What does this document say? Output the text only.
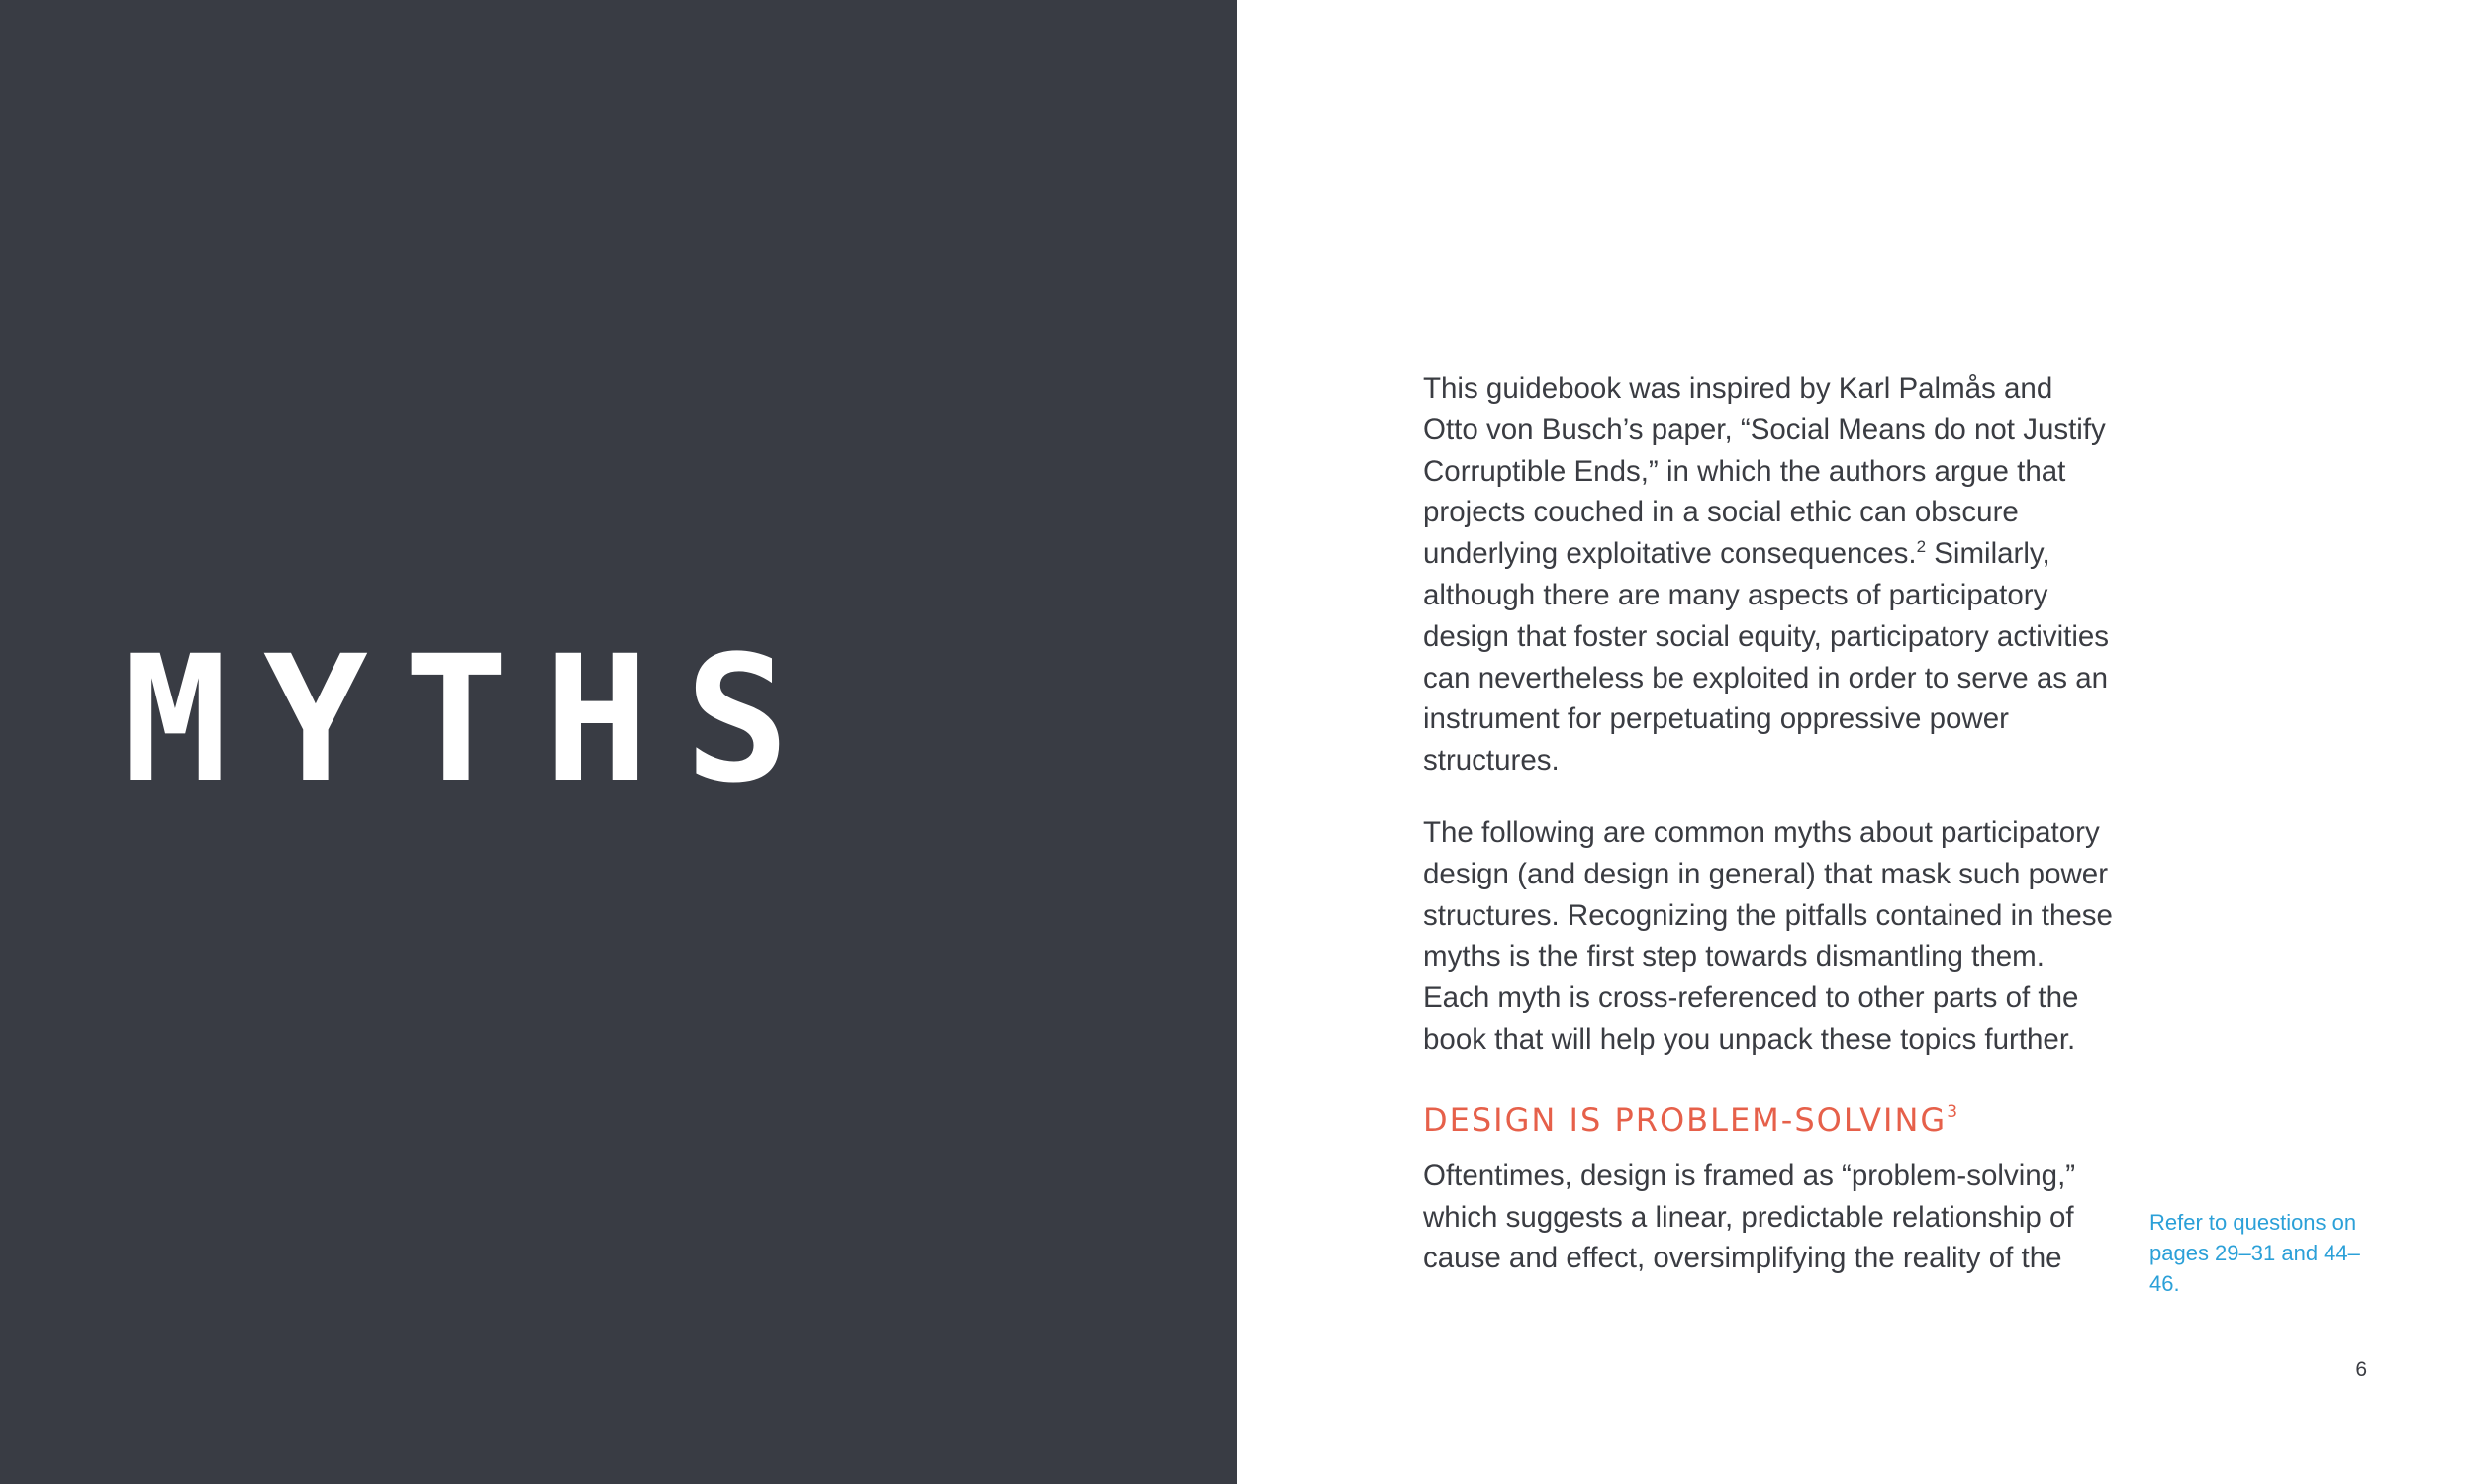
MYTHS

This guidebook was inspired by Karl Palmås and Otto von Busch’s paper, “Social Means do not Justify Corruptible Ends,” in which the authors argue that projects couched in a social ethic can obscure underlying exploitative consequences.$^2$ Similarly, although there are many aspects of participatory design that foster social equity, participatory activities can nevertheless be exploited in order to serve as an instrument for perpetuating oppressive power structures.

The following are common myths about participatory design (and design in general) that mask such power structures. Recognizing the pitfalls contained in these myths is the first step towards dismantling them. Each myth is cross-referenced to other parts of the book that will help you unpack these topics further.

DESIGN IS PROBLEM-SOLVING$^3$

Oftentimes, design is framed as “problem-solving,” which suggests a linear, predictable relationship of cause and effect, oversimplifying the reality of the

Refer to questions on pages 29–31 and 44–46.
6
